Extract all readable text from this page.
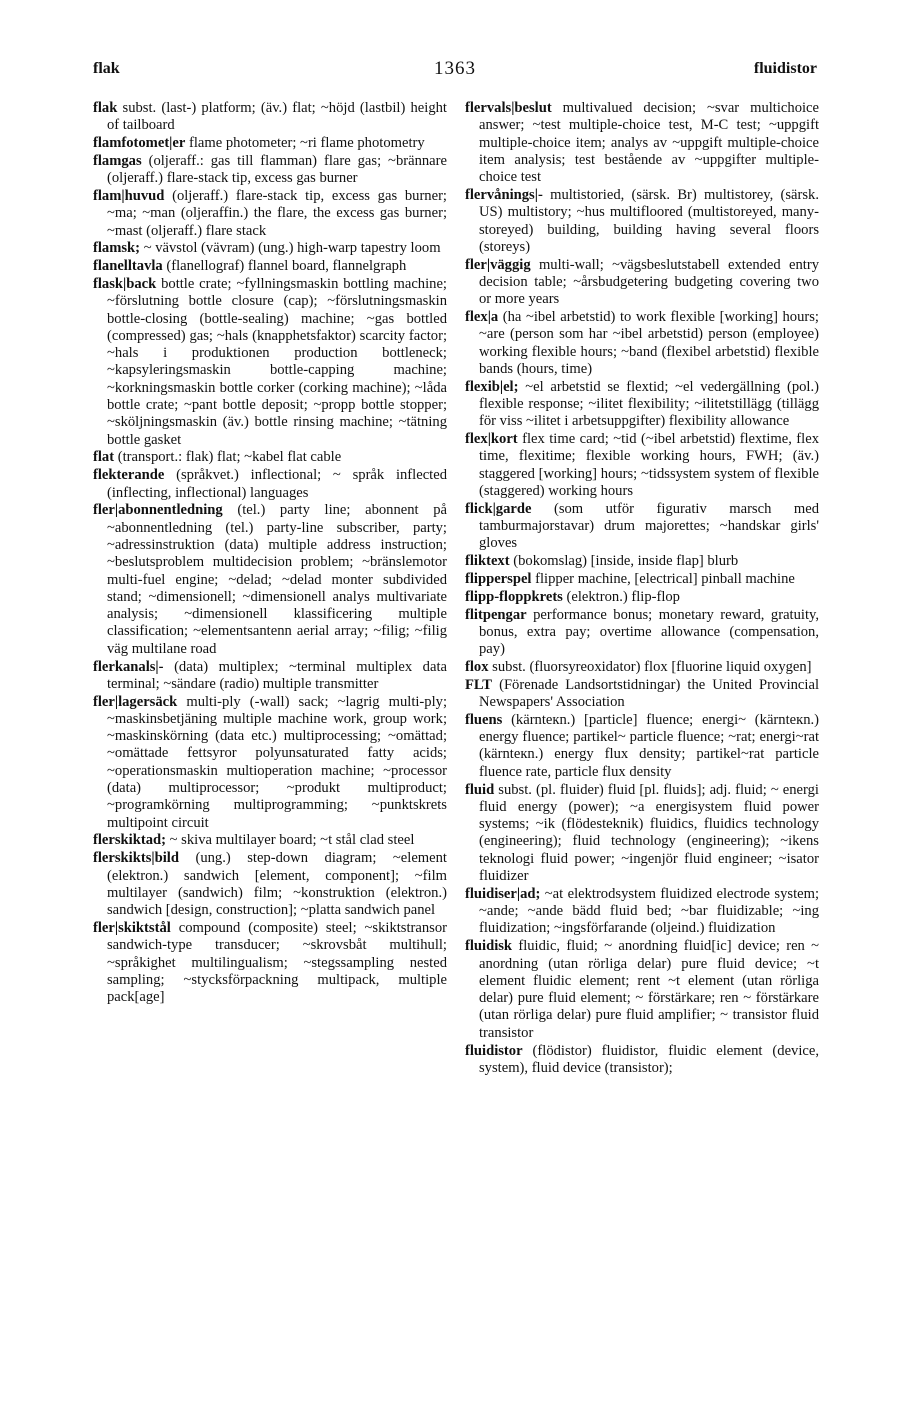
flak	1363	fluidistor

flak subst. (last-) platform; (äv.) flat; ~höjd (lastbil) height of tailboard

flamfotomet|er flame photometer; ~ri flame photometry

flamgas (oljeraff.: gas till flamman) flare gas; ~brännare (oljeraff.) flare-stack tip, excess gas burner

flam|huvud (oljeraff.) flare-stack tip, excess gas burner; ~ma; ~man (oljeraffin.) the flare, the excess gas burner; ~mast (oljeraff.) flare stack

flamsk; ~ vävstol (vävram) (ung.) high-warp tapestry loom

flanelltavla (flanellograf) flannel board, flannelgraph

flask|back bottle crate; ~fyllningsmaskin bottling machine; ~förslutning bottle closure (cap); ~förslutningsmaskin bottle-closing (bottle-sealing) machine; ~gas bottled (compressed) gas; ~hals (knapphetsfaktor) scarcity factor; ~hals i produktionen production bottleneck; ~kapsyleringsmaskin bottle-capping machine; ~korkningsmaskin bottle corker (corking machine); ~låda bottle crate; ~pant bottle deposit; ~propp bottle stopper; ~sköljningsmaskin (äv.) bottle rinsing machine; ~tätning bottle gasket

flat (transport.: flak) flat; ~kabel flat cable

flekterande (språkvet.) inflectional; ~ språk inflected (inflecting, inflectional) languages

fler|abonnentledning (tel.) party line; abonnent på ~abonnentledning (tel.) party-line subscriber, party; ~adressinstruktion (data) multiple address instruction; ~beslutsproblem multidecision problem; ~bränslemotor multi-fuel engine; ~delad; ~delad monter subdivided stand; ~dimensionell; ~dimensionell analys multivariate analysis; ~dimensionell klassificering multiple classification; ~elementsantenn aerial array; ~filig; ~filig väg multilane road

flerkanals|- (data) multiplex; ~terminal multiplex data terminal; ~sändare (radio) multiple transmitter

fler|lagersäck multi-ply (-wall) sack; ~lagrig multi-ply; ~maskinsbetjäning multiple machine work, group work; ~maskinskörning (data etc.) multiprocessing; ~omättad; ~omättade fettsyror polyunsaturated fatty acids; ~operationsmaskin multioperation machine; ~processor (data) multiprocessor; ~produkt multiproduct; ~programkörning multiprogramming; ~punktskrets multipoint circuit

flerskiktad; ~ skiva multilayer board; ~t stål clad steel

flerskikts|bild (ung.) step-down diagram; ~element (elektron.) sandwich [element, component]; ~film multilayer (sandwich) film; ~konstruktion (elektron.) sandwich [design, construction]; ~platta sandwich panel

fler|skiktstål compound (composite) steel; ~skiktstransor sandwich-type transducer; ~skrovsbåt multihull; ~språkighet multilingualism; ~stegssampling nested sampling; ~stycksförpackning multipack, multiple pack[age]

flervals|beslut multivalued decision; ~svar multichoice answer; ~test multiple-choice test, M-C test; ~uppgift multiple-choice item; analys av ~uppgift multiple-choice item analysis; test bestående av ~uppgifter multiple-choice test

flervånings|- multistoried, (särsk. Br) multistorey, (särsk. US) multistory; ~hus multifloored (multistoreyed, many-storeyed) building, building having several floors (storeys)

fler|väggig multi-wall; ~vägsbeslutstabell extended entry decision table; ~årsbudgetering budgeting covering two or more years

flex|a (ha ~ibel arbetstid) to work flexible [working] hours; ~are (person som har ~ibel arbetstid) person (employee) working flexible hours; ~band (flexibel arbetstid) flexible bands (hours, time)

flexib|el; ~el arbetstid se flextid; ~el vedergällning (pol.) flexible response; ~ilitet flexibility; ~ilitetstillägg (tillägg för viss ~ilitet i arbetsuppgifter) flexibility allowance

flex|kort flex time card; ~tid (~ibel arbetstid) flextime, flex time, flexitime; flexible working hours, FWH; (äv.) staggered [working] hours; ~tidssystem system of flexible (staggered) working hours

flick|garde (som utför figurativ marsch med tamburmajorstavar) drum majorettes; ~handskar girls' gloves

fliktext (bokomslag) [inside, inside flap] blurb

flipperspel flipper machine, [electrical] pinball machine

flipp-floppkrets (elektron.) flip-flop

flitpengar performance bonus; monetary reward, gratuity, bonus, extra pay; overtime allowance (compensation, pay)

flox subst. (fluorsyreoxidator) flox [fluorine liquid oxygen]

FLT (Förenade Landsortstidningar) the United Provincial Newspapers' Association

fluens (kärnteкn.) [particle] fluence; energi~ (kärnteкn.) energy fluence; partikel~ particle fluence; ~rat; energi~rat (kärnteкn.) energy flux density; partikel~rat particle fluence rate, particle flux density

fluid subst. (pl. fluider) fluid [pl. fluids]; adj. fluid; ~ energi fluid energy (power); ~a energisystem fluid power systems; ~ik (flödesteknik) fluidics, fluidics technology (engineering); fluid technology (engineering); ~ikens teknologi fluid power; ~ingenjör fluid engineer; ~isator fluidizer

fluidiser|ad; ~at elektrodsystem fluidized electrode system; ~ande; ~ande bädd fluid bed; ~bar fluidizable; ~ing fluidization; ~ingsförfarande (oljeind.) fluidization

fluidisk fluidic, fluid; ~ anordning fluid[ic] device; ren ~ anordning (utan rörliga delar) pure fluid device; ~t element fluidic element; rent ~t element (utan rörliga delar) pure fluid element; ~ förstärkare; ren ~ förstärkare (utan rörliga delar) pure fluid amplifier; ~ transistor fluid transistor

fluidistor (flödistor) fluidistor, fluidic element (device, system), fluid device (transistor);
